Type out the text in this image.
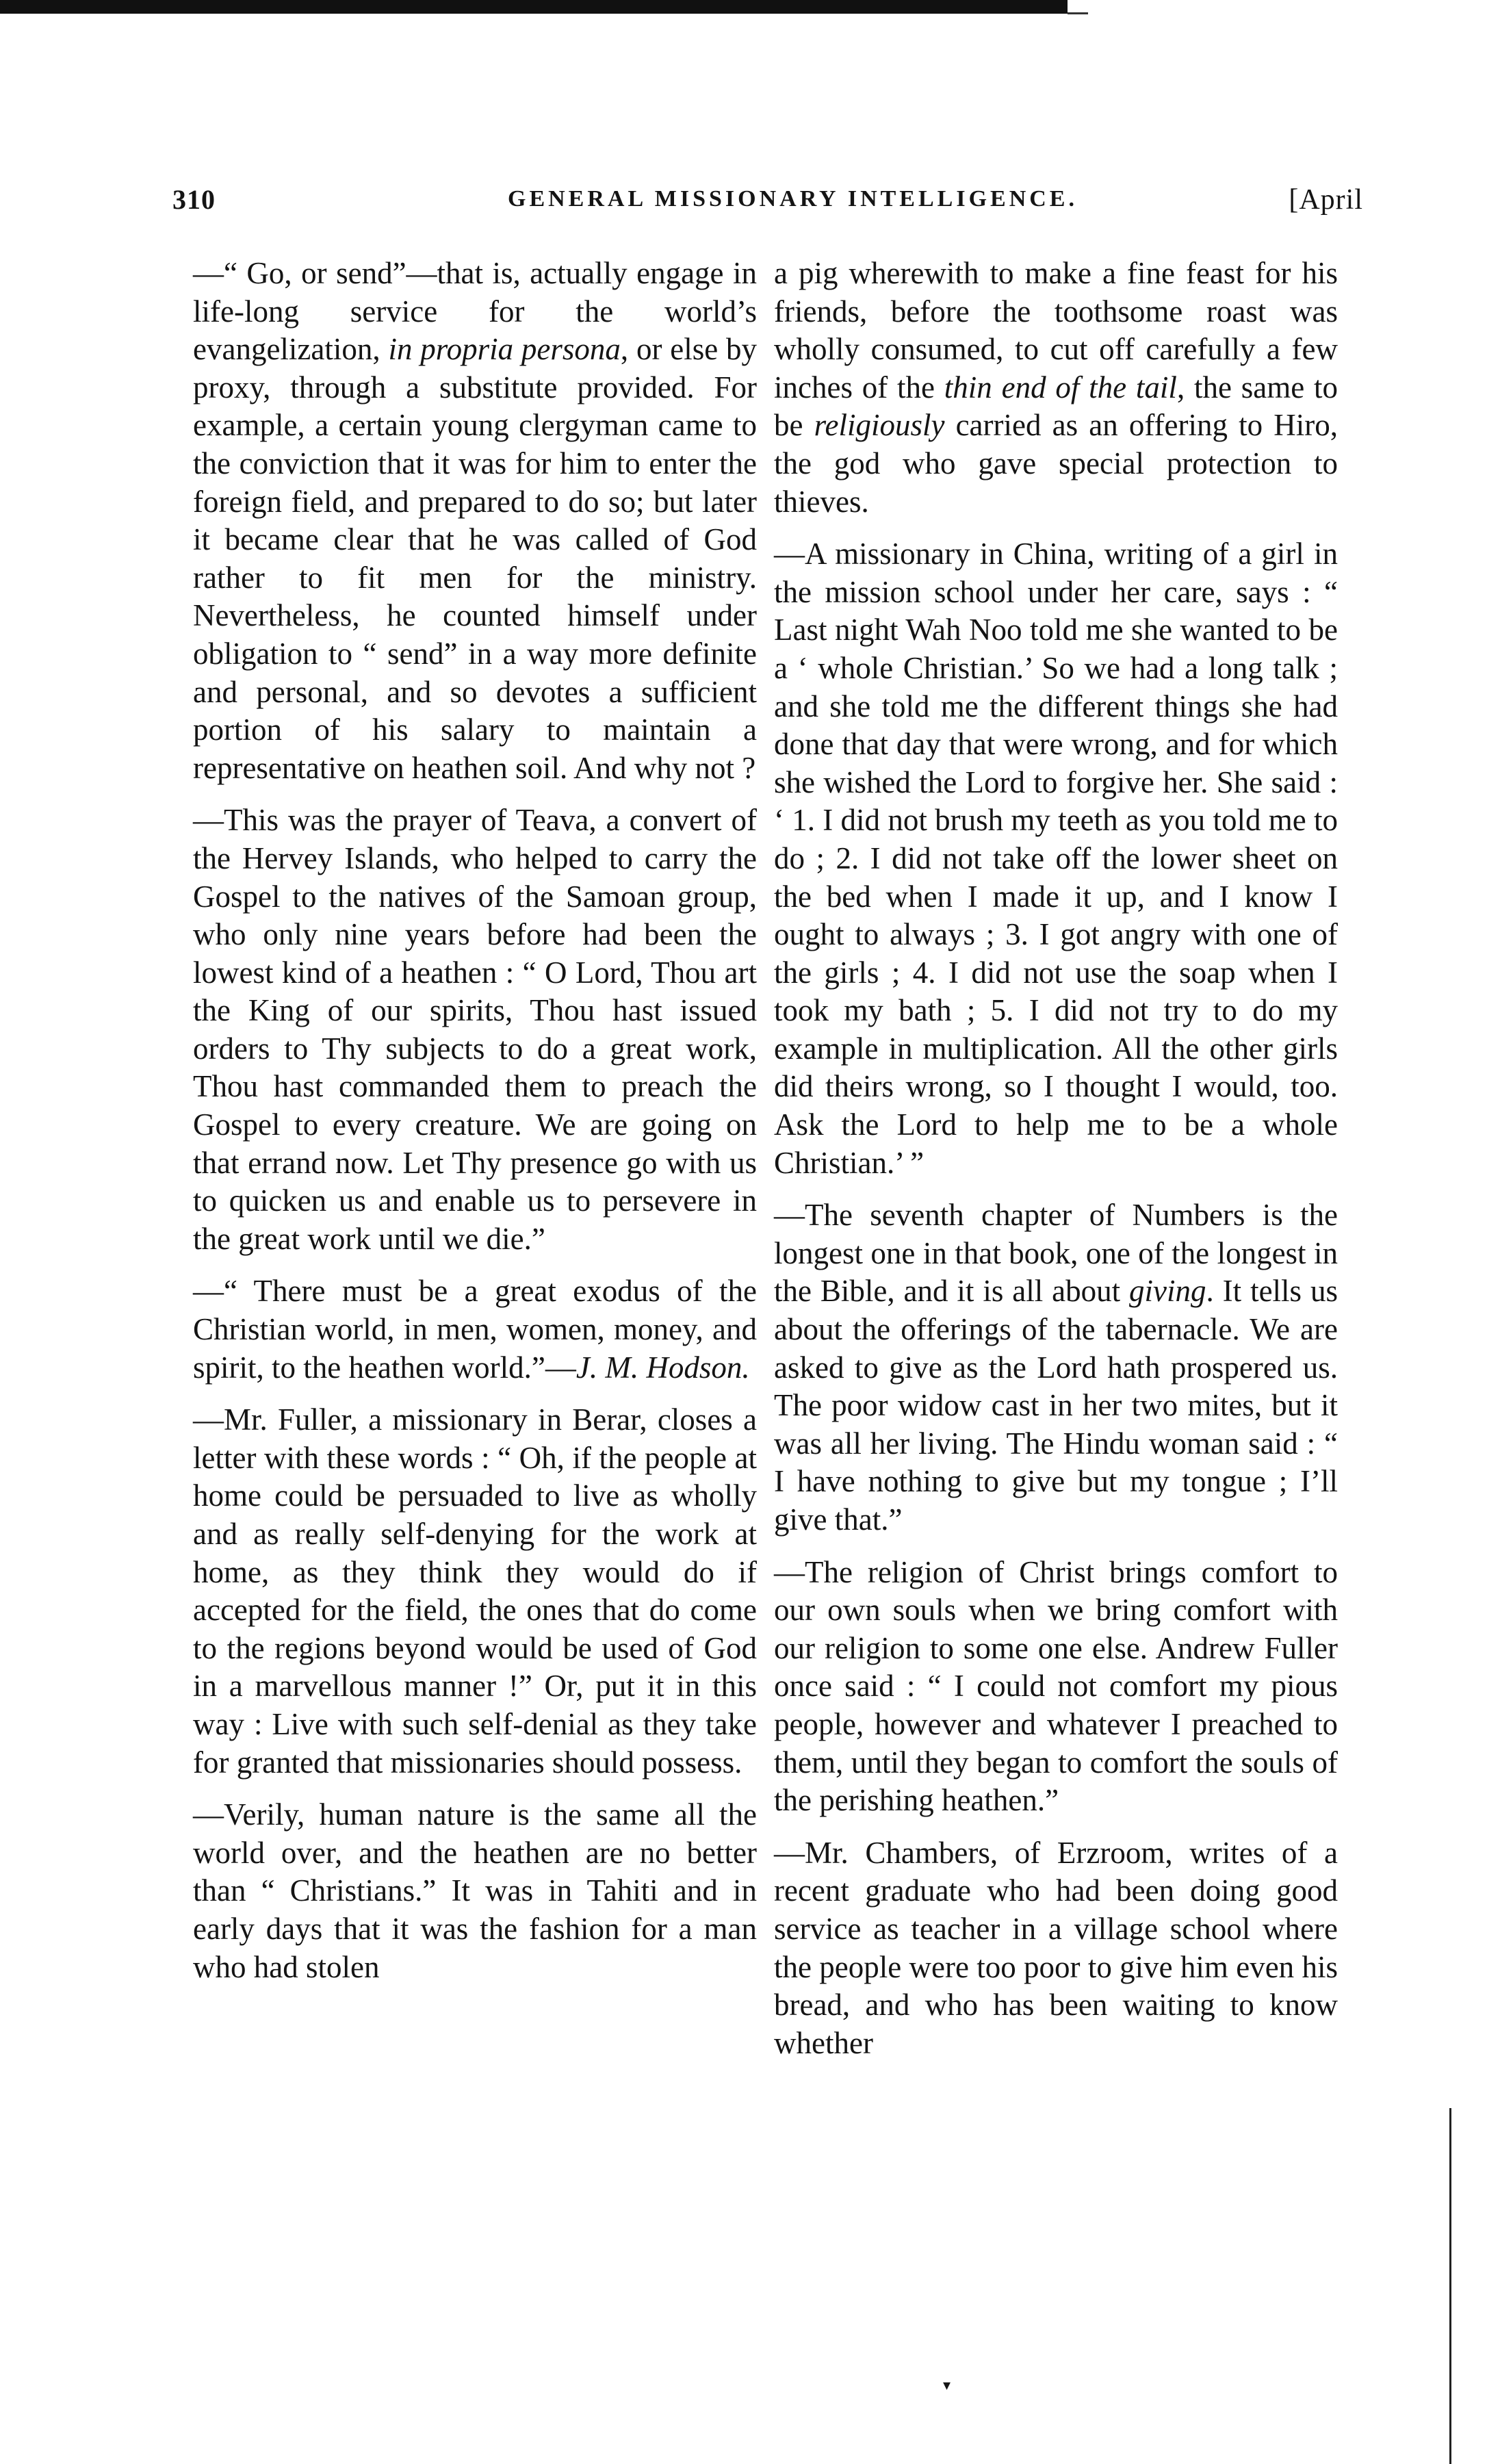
310	GENERAL MISSIONARY INTELLIGENCE.	[April

—“ Go, or send”—that is, actually engage in life-long service for the world’s evangelization, in propria persona, or else by proxy, through a substitute provided. For example, a certain young clergyman came to the conviction that it was for him to enter the foreign field, and prepared to do so; but later it became clear that he was called of God rather to fit men for the ministry. Nevertheless, he counted himself under obligation to “ send” in a way more definite and personal, and so devotes a sufficient portion of his salary to maintain a representative on heathen soil. And why not ?

—This was the prayer of Teava, a convert of the Hervey Islands, who helped to carry the Gospel to the natives of the Samoan group, who only nine years before had been the lowest kind of a heathen : “ O Lord, Thou art the King of our spirits, Thou hast issued orders to Thy subjects to do a great work, Thou hast commanded them to preach the Gospel to every creature. We are going on that errand now. Let Thy presence go with us to quicken us and enable us to persevere in the great work until we die.”

—“ There must be a great exodus of the Christian world, in men, women, money, and spirit, to the heathen world.”—J. M. Hodson.

—Mr. Fuller, a missionary in Berar, closes a letter with these words : “ Oh, if the people at home could be persuaded to live as wholly and as really self-denying for the work at home, as they think they would do if accepted for the field, the ones that do come to the regions beyond would be used of God in a marvellous manner !” Or, put it in this way : Live with such self-denial as they take for granted that missionaries should possess.

—Verily, human nature is the same all the world over, and the heathen are no better than “ Christians.” It was in Tahiti and in early days that it was the fashion for a man who had stolen

a pig wherewith to make a fine feast for his friends, before the toothsome roast was wholly consumed, to cut off carefully a few inches of the thin end of the tail, the same to be religiously carried as an offering to Hiro, the god who gave special protection to thieves.

—A missionary in China, writing of a girl in the mission school under her care, says : “ Last night Wah Noo told me she wanted to be a ‘ whole Christian.’ So we had a long talk ; and she told me the different things she had done that day that were wrong, and for which she wished the Lord to forgive her. She said : ‘ 1. I did not brush my teeth as you told me to do ; 2. I did not take off the lower sheet on the bed when I made it up, and I know I ought to always ; 3. I got angry with one of the girls ; 4. I did not use the soap when I took my bath ; 5. I did not try to do my example in multiplication. All the other girls did theirs wrong, so I thought I would, too. Ask the Lord to help me to be a whole Christian.’ ”

—The seventh chapter of Numbers is the longest one in that book, one of the longest in the Bible, and it is all about giving. It tells us about the offerings of the tabernacle. We are asked to give as the Lord hath prospered us. The poor widow cast in her two mites, but it was all her living. The Hindu woman said : “ I have nothing to give but my tongue ; I’ll give that.”

—The religion of Christ brings comfort to our own souls when we bring comfort with our religion to some one else. Andrew Fuller once said : “ I could not comfort my pious people, however and whatever I preached to them, until they began to comfort the souls of the perishing heathen.”

—Mr. Chambers, of Erzroom, writes of a recent graduate who had been doing good service as teacher in a village school where the people were too poor to give him even his bread, and who has been waiting to know whether

▾
